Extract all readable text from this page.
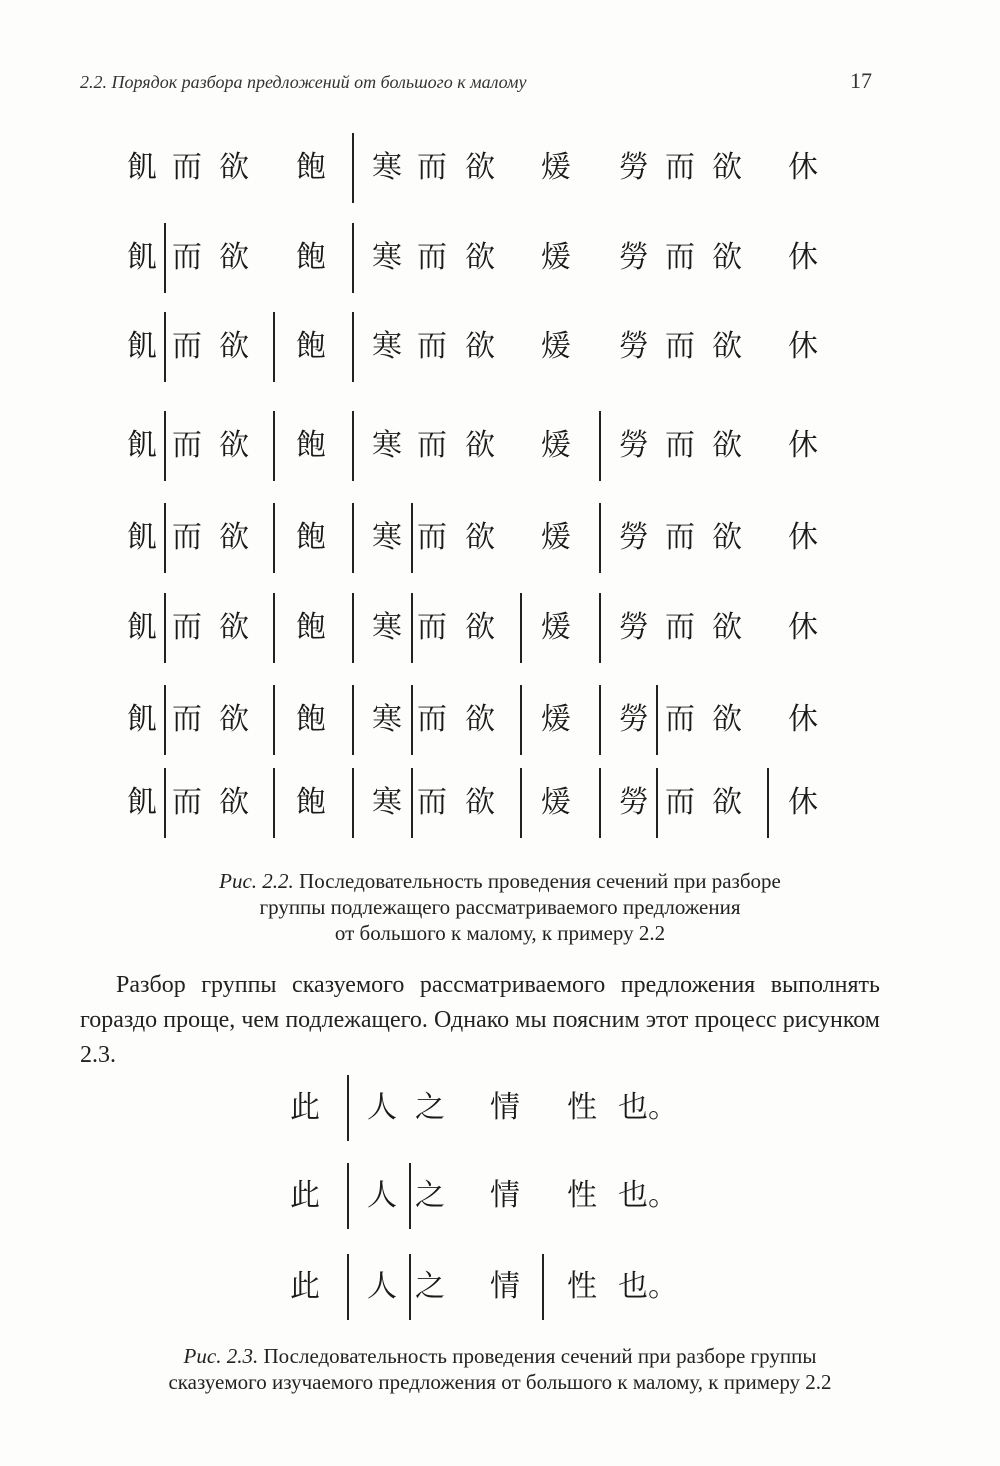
2.2. Порядок разбора предложений от большого к малому	17
飢 而 欲 飽 寒 而 欲 煖 勞 而 欲 休
飢 而 欲 飽 寒 而 欲 煖 勞 而 欲 休
飢 而 欲 飽 寒 而 欲 煖 勞 而 欲 休
飢 而 欲 飽 寒 而 欲 煖 勞 而 欲 休
飢 而 欲 飽 寒 而 欲 煖 勞 而 欲 休
飢 而 欲 飽 寒 而 欲 煖 勞 而 欲 休
飢 而 欲 飽 寒 而 欲 煖 勞 而 欲 休
飢 而 欲 飽 寒 而 欲 煖 勞 而 欲 休
Рис. 2.2. Последовательность проведения сечений при разборе
группы подлежащего рассматриваемого предложения
от большого к малому, к примеру 2.2
Разбор группы сказуемого рассматриваемого предложения выполнять гораздо проще, чем подлежащего. Однако мы поясним этот процесс рисунком 2.3.
此 人 之 情 性 也。
此 人 之 情 性 也。
此 人 之 情 性 也。
Рис. 2.3. Последовательность проведения сечений при разборе группы
сказуемого изучаемого предложения от большого к малому, к примеру 2.2
